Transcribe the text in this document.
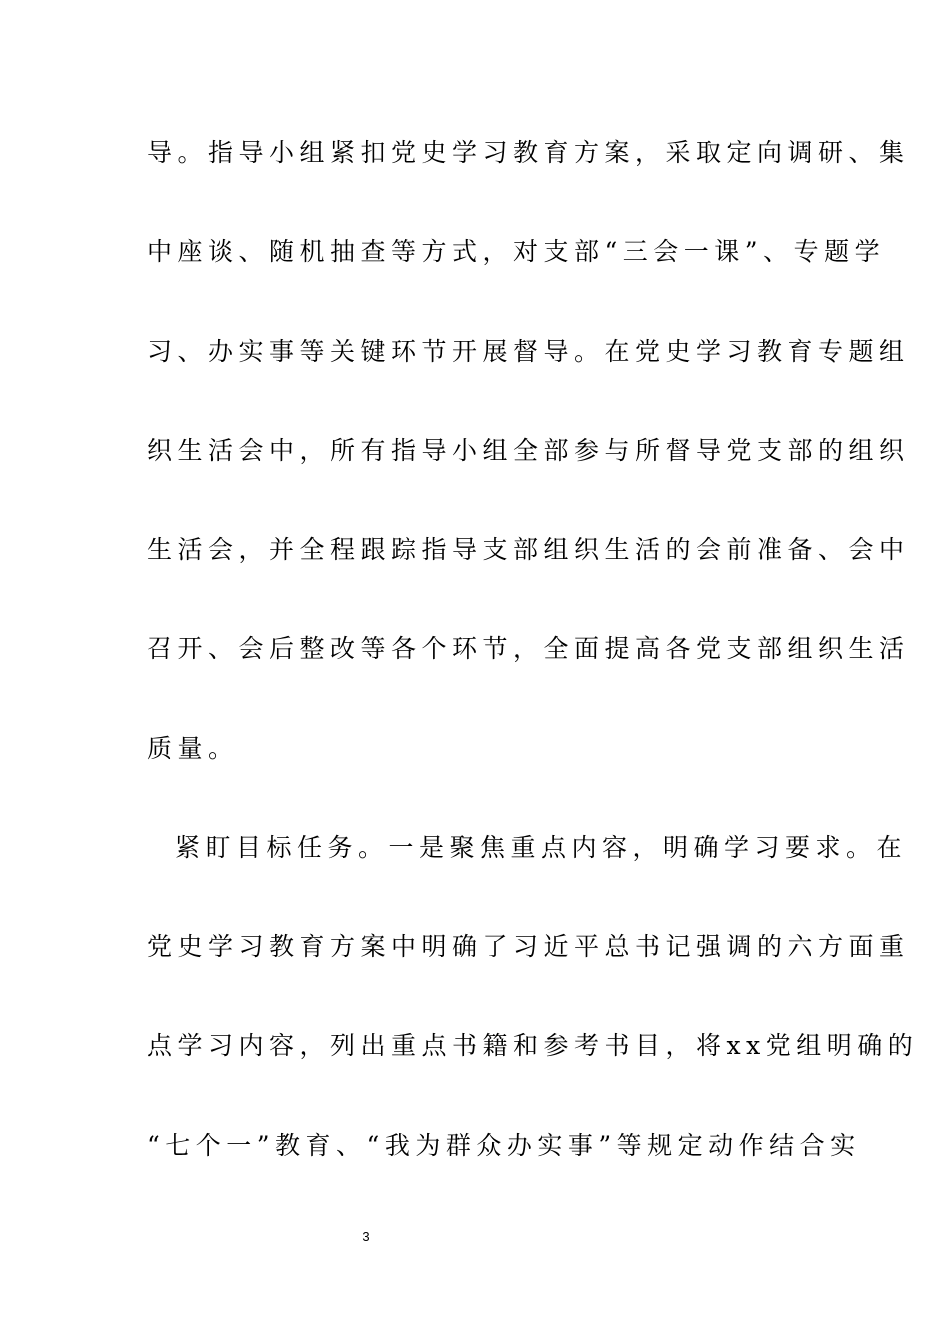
导。指导小组紧扣党史学习教育方案，采取定向调研、集
中座谈、随机抽查等方式，对支部“三会一课”、专题学
习、办实事等关键环节开展督导。在党史学习教育专题组
织生活会中，所有指导小组全部参与所督导党支部的组织
生活会，并全程跟踪指导支部组织生活的会前准备、会中
召开、会后整改等各个环节，全面提高各党支部组织生活
质量。
紧盯目标任务。一是聚焦重点内容，明确学习要求。在
党史学习教育方案中明确了习近平总书记强调的六方面重
点学习内容，列出重点书籍和参考书目，将xx党组明确的
“七个一”教育、“我为群众办实事”等规定动作结合实
3
